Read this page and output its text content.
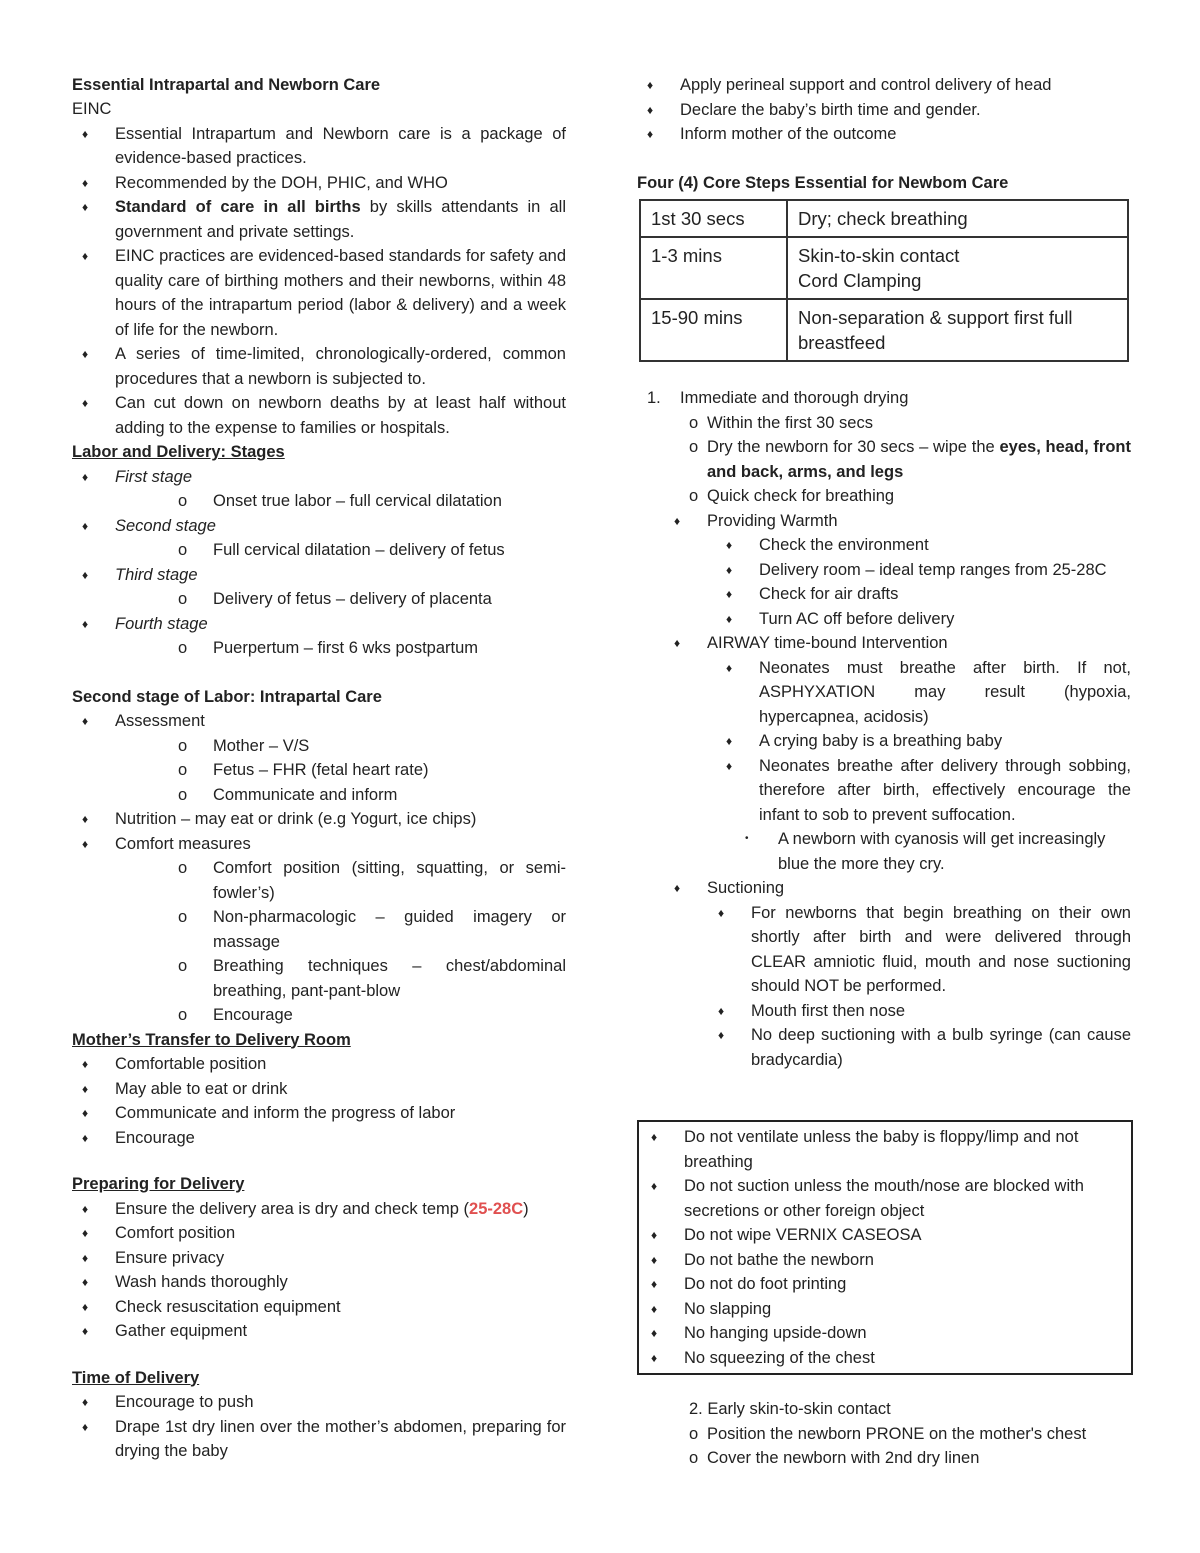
Essential Intrapartal and Newborn Care
EINC
♦ Essential Intrapartum and Newborn care is a package of evidence-based practices.
♦ Recommended by the DOH, PHIC, and WHO
♦ Standard of care in all births by skills attendants in all government and private settings.
♦ EINC practices are evidenced-based standards for safety and quality care of birthing mothers and their newborns, within 48 hours of the intrapartum period (labor & delivery) and a week of life for the newborn.
♦ A series of time-limited, chronologically-ordered, common procedures that a newborn is subjected to.
♦ Can cut down on newborn deaths by at least half without adding to the expense to families or hospitals.
Labor and Delivery: Stages
♦ First stage
o Onset true labor – full cervical dilatation
♦ Second stage
o Full cervical dilatation – delivery of fetus
♦ Third stage
o Delivery of fetus – delivery of placenta
♦ Fourth stage
o Puerpertum – first 6 wks postpartum
Second stage of Labor: Intrapartal Care
♦ Assessment
o Mother – V/S
o Fetus – FHR (fetal heart rate)
o Communicate and inform
♦ Nutrition – may eat or drink (e.g Yogurt, ice chips)
♦ Comfort measures
o Comfort position (sitting, squatting, or semi-fowler’s)
o Non-pharmacologic – guided imagery or massage
o Breathing techniques – chest/abdominal breathing, pant-pant-blow
o Encourage
Mother’s Transfer to Delivery Room
♦ Comfortable position
♦ May able to eat or drink
♦ Communicate and inform the progress of labor
♦ Encourage
Preparing for Delivery
♦ Ensure the delivery area is dry and check temp (25-28C)
♦ Comfort position
♦ Ensure privacy
♦ Wash hands thoroughly
♦ Check resuscitation equipment
♦ Gather equipment
Time of Delivery
♦ Encourage to push
♦ Drape 1st dry linen over the mother’s abdomen, preparing for drying the baby
♦ Apply perineal support and control delivery of head
♦ Declare the baby’s birth time and gender.
♦ Inform mother of the outcome
Four (4) Core Steps Essential for Newbom Care
1st 30 secs	Dry; check breathing
1-3 mins	Skin-to-skin contact
Cord Clamping

15-90 mins	Non-separation & support first full breastfeed
1. Immediate and thorough drying
o Within the first 30 secs
o Dry the newborn for 30 secs – wipe the eyes, head, front and back, arms, and legs
o Quick check for breathing
♦ Providing Warmth
♦ Check the environment
♦ Delivery room – ideal temp ranges from 25-28C
♦ Check for air drafts
♦ Turn AC off before delivery
♦ AIRWAY time-bound Intervention
♦ Neonates must breathe after birth. If not, ASPHYXATION may result (hypoxia, hypercapnea, acidosis)
♦ A crying baby is a breathing baby
♦ Neonates breathe after delivery through sobbing, therefore after birth, effectively encourage the infant to sob to prevent suffocation.
• A newborn with cyanosis will get increasingly blue the more they cry.
♦ Suctioning
♦ For newborns that begin breathing on their own shortly after birth and were delivered through CLEAR amniotic fluid, mouth and nose suctioning should NOT be performed.
♦ Mouth first then nose
♦ No deep suctioning with a bulb syringe (can cause bradycardia)
♦ Do not ventilate unless the baby is floppy/limp and not breathing
♦ Do not suction unless the mouth/nose are blocked with secretions or other foreign object
♦ Do not wipe VERNIX CASEOSA
♦ Do not bathe the newborn
♦ Do not do foot printing
♦ No slapping
♦ No hanging upside-down
♦ No squeezing of the chest
2. Early skin-to-skin contact
o Position the newborn PRONE on the mother's chest
o Cover the newborn with 2nd dry linen
